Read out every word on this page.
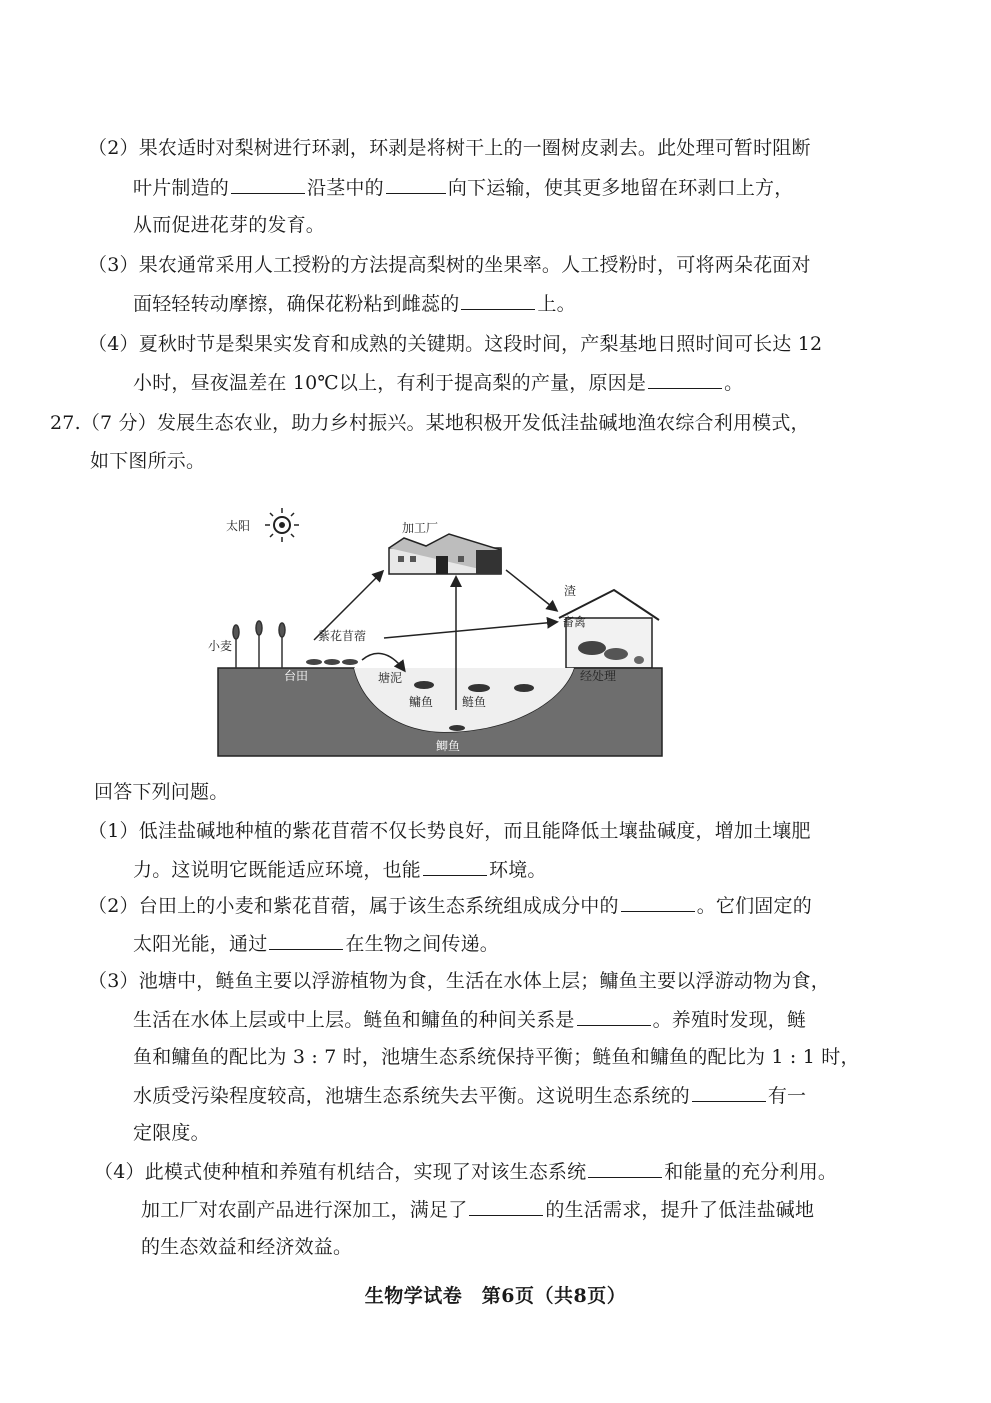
（2）果农适时对梨树进行环剥，环剥是将树干上的一圈树皮剥去。此处理可暂时阻断
叶片制造的	沿茎中的	向下运输，使其更多地留在环剥口上方，
从而促进花芽的发育。
（3）果农通常采用人工授粉的方法提高梨树的坐果率。人工授粉时，可将两朵花面对
面轻轻转动摩擦，确保花粉粘到雌蕊的	上。
（4）夏秋时节是梨果实发育和成熟的关键期。这段时间，产梨基地日照时间可长达 12
小时，昼夜温差在 10℃以上，有利于提高梨的产量，原因是	。
27.（7 分）发展生态农业，助力乡村振兴。某地积极开发低洼盐碱地渔农综合利用模式，
如下图所示。
太阳	加工厂
畜禽
渣
小麦
紫花苜蓿
台田	塘泥
鳙鱼 鲢鱼
鲫鱼
经处理
回答下列问题。
（1）低洼盐碱地种植的紫花苜蓿不仅长势良好，而且能降低土壤盐碱度，增加土壤肥
力。这说明它既能适应环境，也能	环境。
（2）台田上的小麦和紫花苜蓿，属于该生态系统组成成分中的	。它们固定的
太阳光能，通过	在生物之间传递。
（3）池塘中，鲢鱼主要以浮游植物为食，生活在水体上层；鳙鱼主要以浮游动物为食，
生活在水体上层或中上层。鲢鱼和鳙鱼的种间关系是	。养殖时发现，鲢
鱼和鳙鱼的配比为 3 : 7 时，池塘生态系统保持平衡；鲢鱼和鳙鱼的配比为 1 : 1 时，
水质受污染程度较高，池塘生态系统失去平衡。这说明生态系统的	有一
定限度。
（4）此模式使种植和养殖有机结合，实现了对该生态系统	和能量的充分利用。
加工厂对农副产品进行深加工，满足了	的生活需求，提升了低洼盐碱地
的生态效益和经济效益。
生物学试卷　第6页（共8页）
